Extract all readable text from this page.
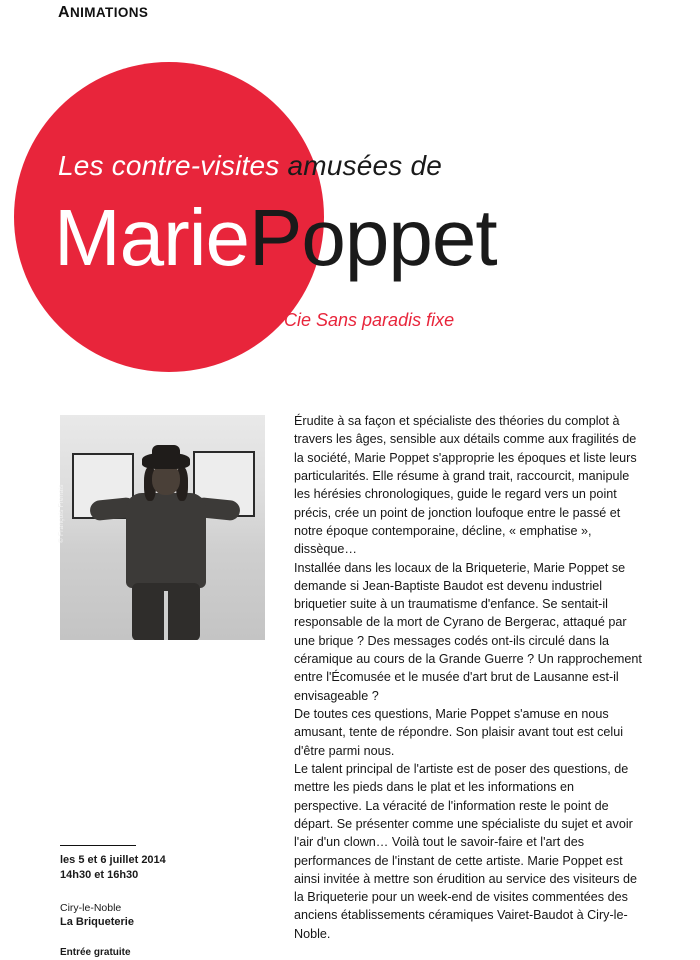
ANIMATIONS
Les contre-visites amusées de
MariePoppet
Cie Sans paradis fixe
© François Frenais
les 5 et 6 juillet 2014
14h30 et 16h30
Ciry-le-Noble
La Briqueterie
Entrée gratuite

Érudite à sa façon et spécialiste des théories du complot à travers les âges, sensible aux détails comme aux fragilités de la société, Marie Poppet s'approprie les époques et liste leurs particularités. Elle résume à grand trait, raccourcit, manipule les hérésies chronologiques, guide le regard vers un point précis, crée un point de jonction loufoque entre le passé et notre époque contemporaine, décline, « emphatise », dissèque…

Installée dans les locaux de la Briqueterie, Marie Poppet se demande si Jean-Baptiste Baudot est devenu industriel briquetier suite à un traumatisme d'enfance. Se sentait-il responsable de la mort de Cyrano de Bergerac, attaqué par une brique ? Des messages codés ont-ils circulé dans la céramique au cours de la Grande Guerre ? Un rapprochement entre l'Écomusée et le musée d'art brut de Lausanne est-il envisageable ?

De toutes ces questions, Marie Poppet s'amuse en nous amusant, tente de répondre. Son plaisir avant tout est celui d'être parmi nous.

Le talent principal de l'artiste est de poser des questions, de mettre les pieds dans le plat et les informations en perspective. La véracité de l'information reste le point de départ. Se présenter comme une spécialiste du sujet et avoir l'air d'un clown… Voilà tout le savoir-faire et l'art des performances de l'instant de cette artiste. Marie Poppet est ainsi invitée à mettre son érudition au service des visiteurs de la Briqueterie pour un week-end de visites commentées des anciens établissements céramiques Vairet-Baudot à Ciry-le-Noble.
